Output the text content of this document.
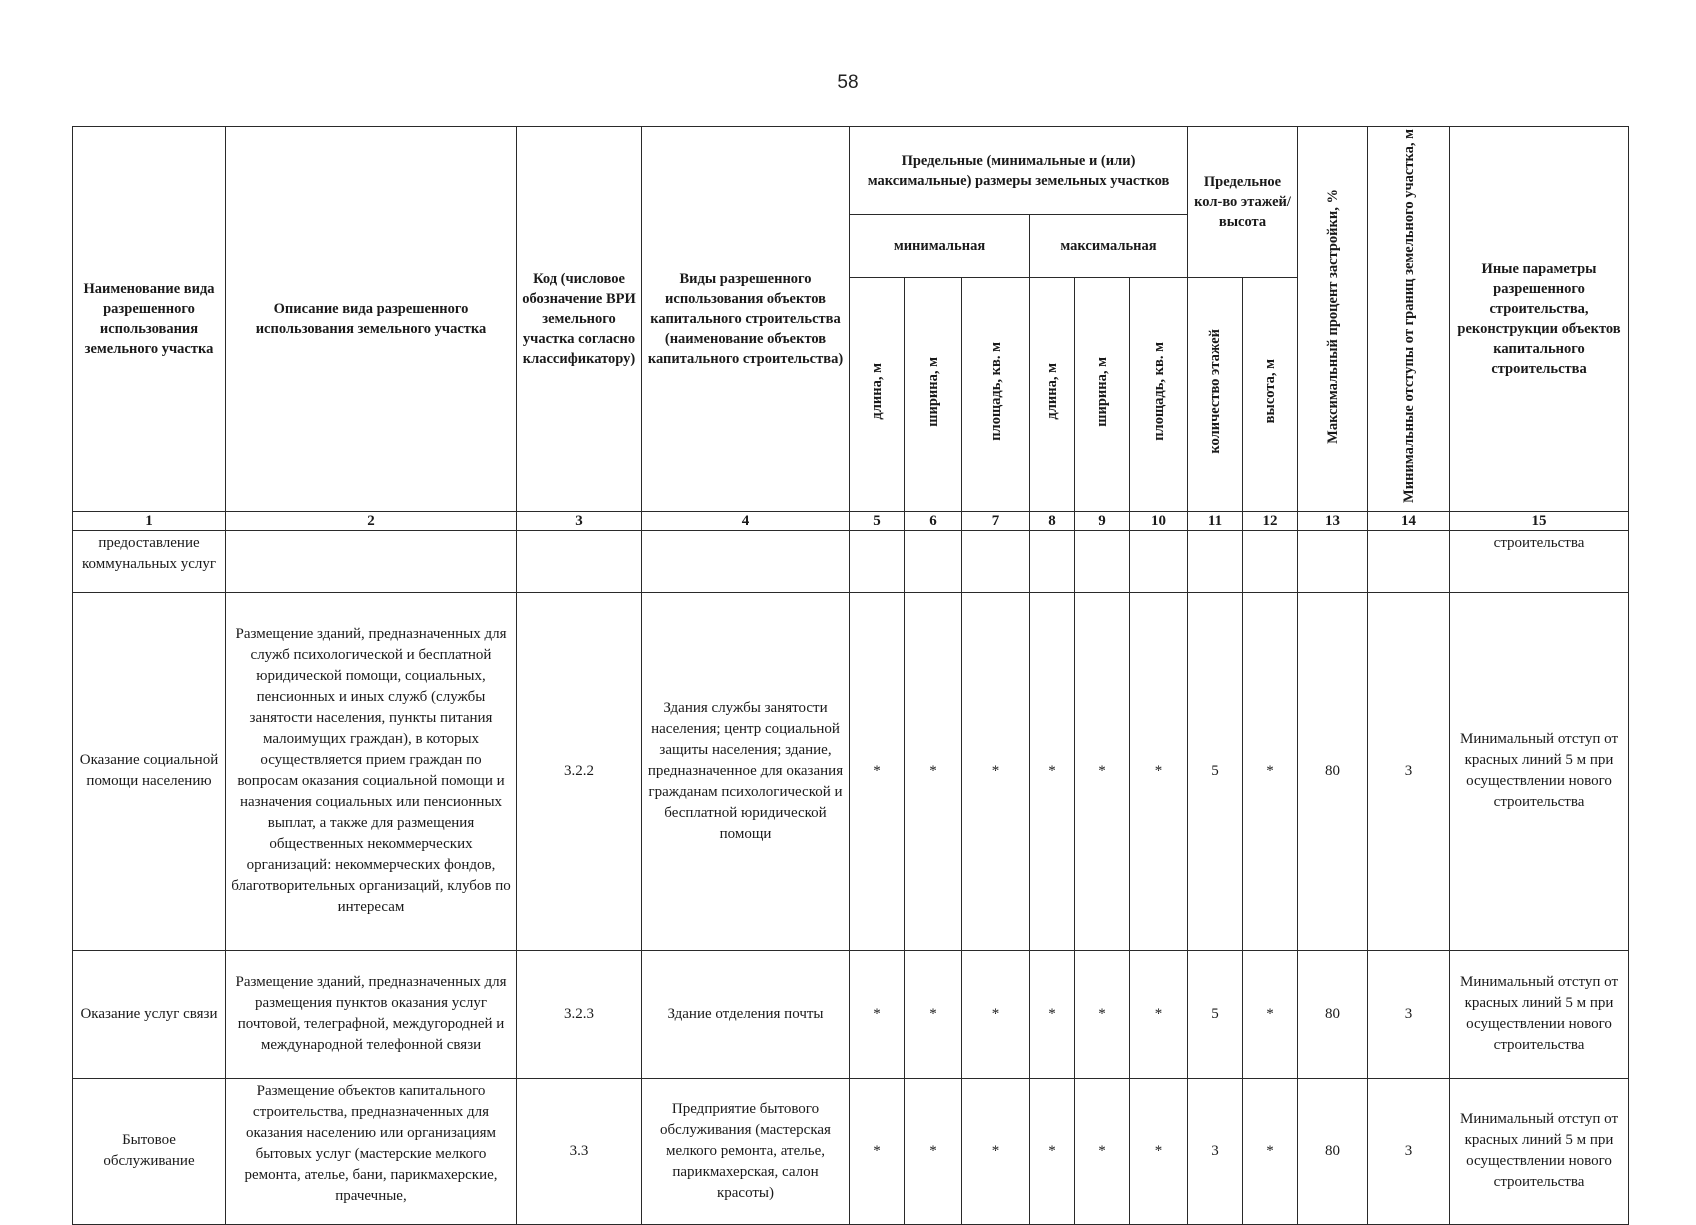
58
Наименование вида разрешенного использования земельного участка	Описание вида разрешенного использования земельного участка	Код (числовое обозначение ВРИ земельного участка согласно классификатору)	Виды разрешенного использования объектов капитального строительства (наименование объектов капитального строительства)	Предельные (минимальные и (или) максимальные) размеры земельных участков						Предельное кол-во этажей/высота		Максимальный процент застройки, %	Минимальные отступы от границ земельного участка, м	Иные параметры разрешенного строительства, реконструкции объектов капитального строительства
				минимальная			максимальная							
				длина, м	ширина, м	площадь, кв. м	длина, м	ширина, м	площадь, кв. м	количество этажей	высота, м			
1	2	3	4	5	6	7	8	9	10	11	12	13	14	15
предоставление коммунальных услуг														строительства
Оказание социальной помощи населению	Размещение зданий, предназначенных для служб психологической и бесплатной юридической помощи, социальных, пенсионных и иных служб (службы занятости населения, пункты питания малоимущих граждан), в которых осуществляется прием граждан по вопросам оказания социальной помощи и назначения социальных или пенсионных выплат, а также для размещения общественных некоммерческих организаций: некоммерческих фондов, благотворительных организаций, клубов по интересам	3.2.2	Здания службы занятости населения; центр социальной защиты населения; здание, предназначенное для оказания гражданам психологической и бесплатной юридической помощи	*	*	*	*	*	*	5	*	80	3	Минимальный отступ от красных линий 5 м при осуществлении нового строительства
Оказание услуг связи	Размещение зданий, предназначенных для размещения пунктов оказания услуг почтовой, телеграфной, междугородней и международной телефонной связи	3.2.3	Здание отделения почты	*	*	*	*	*	*	5	*	80	3	Минимальный отступ от красных линий 5 м при осуществлении нового строительства
Бытовое обслуживание	Размещение объектов капитального строительства, предназначенных для оказания населению или организациям бытовых услуг (мастерские мелкого ремонта, ателье, бани, парикмахерские, прачечные,	3.3	Предприятие бытового обслуживания (мастерская мелкого ремонта, ателье, парикмахерская, салон красоты)	*	*	*	*	*	*	3	*	80	3	Минимальный отступ от красных линий 5 м при осуществлении нового строительства
